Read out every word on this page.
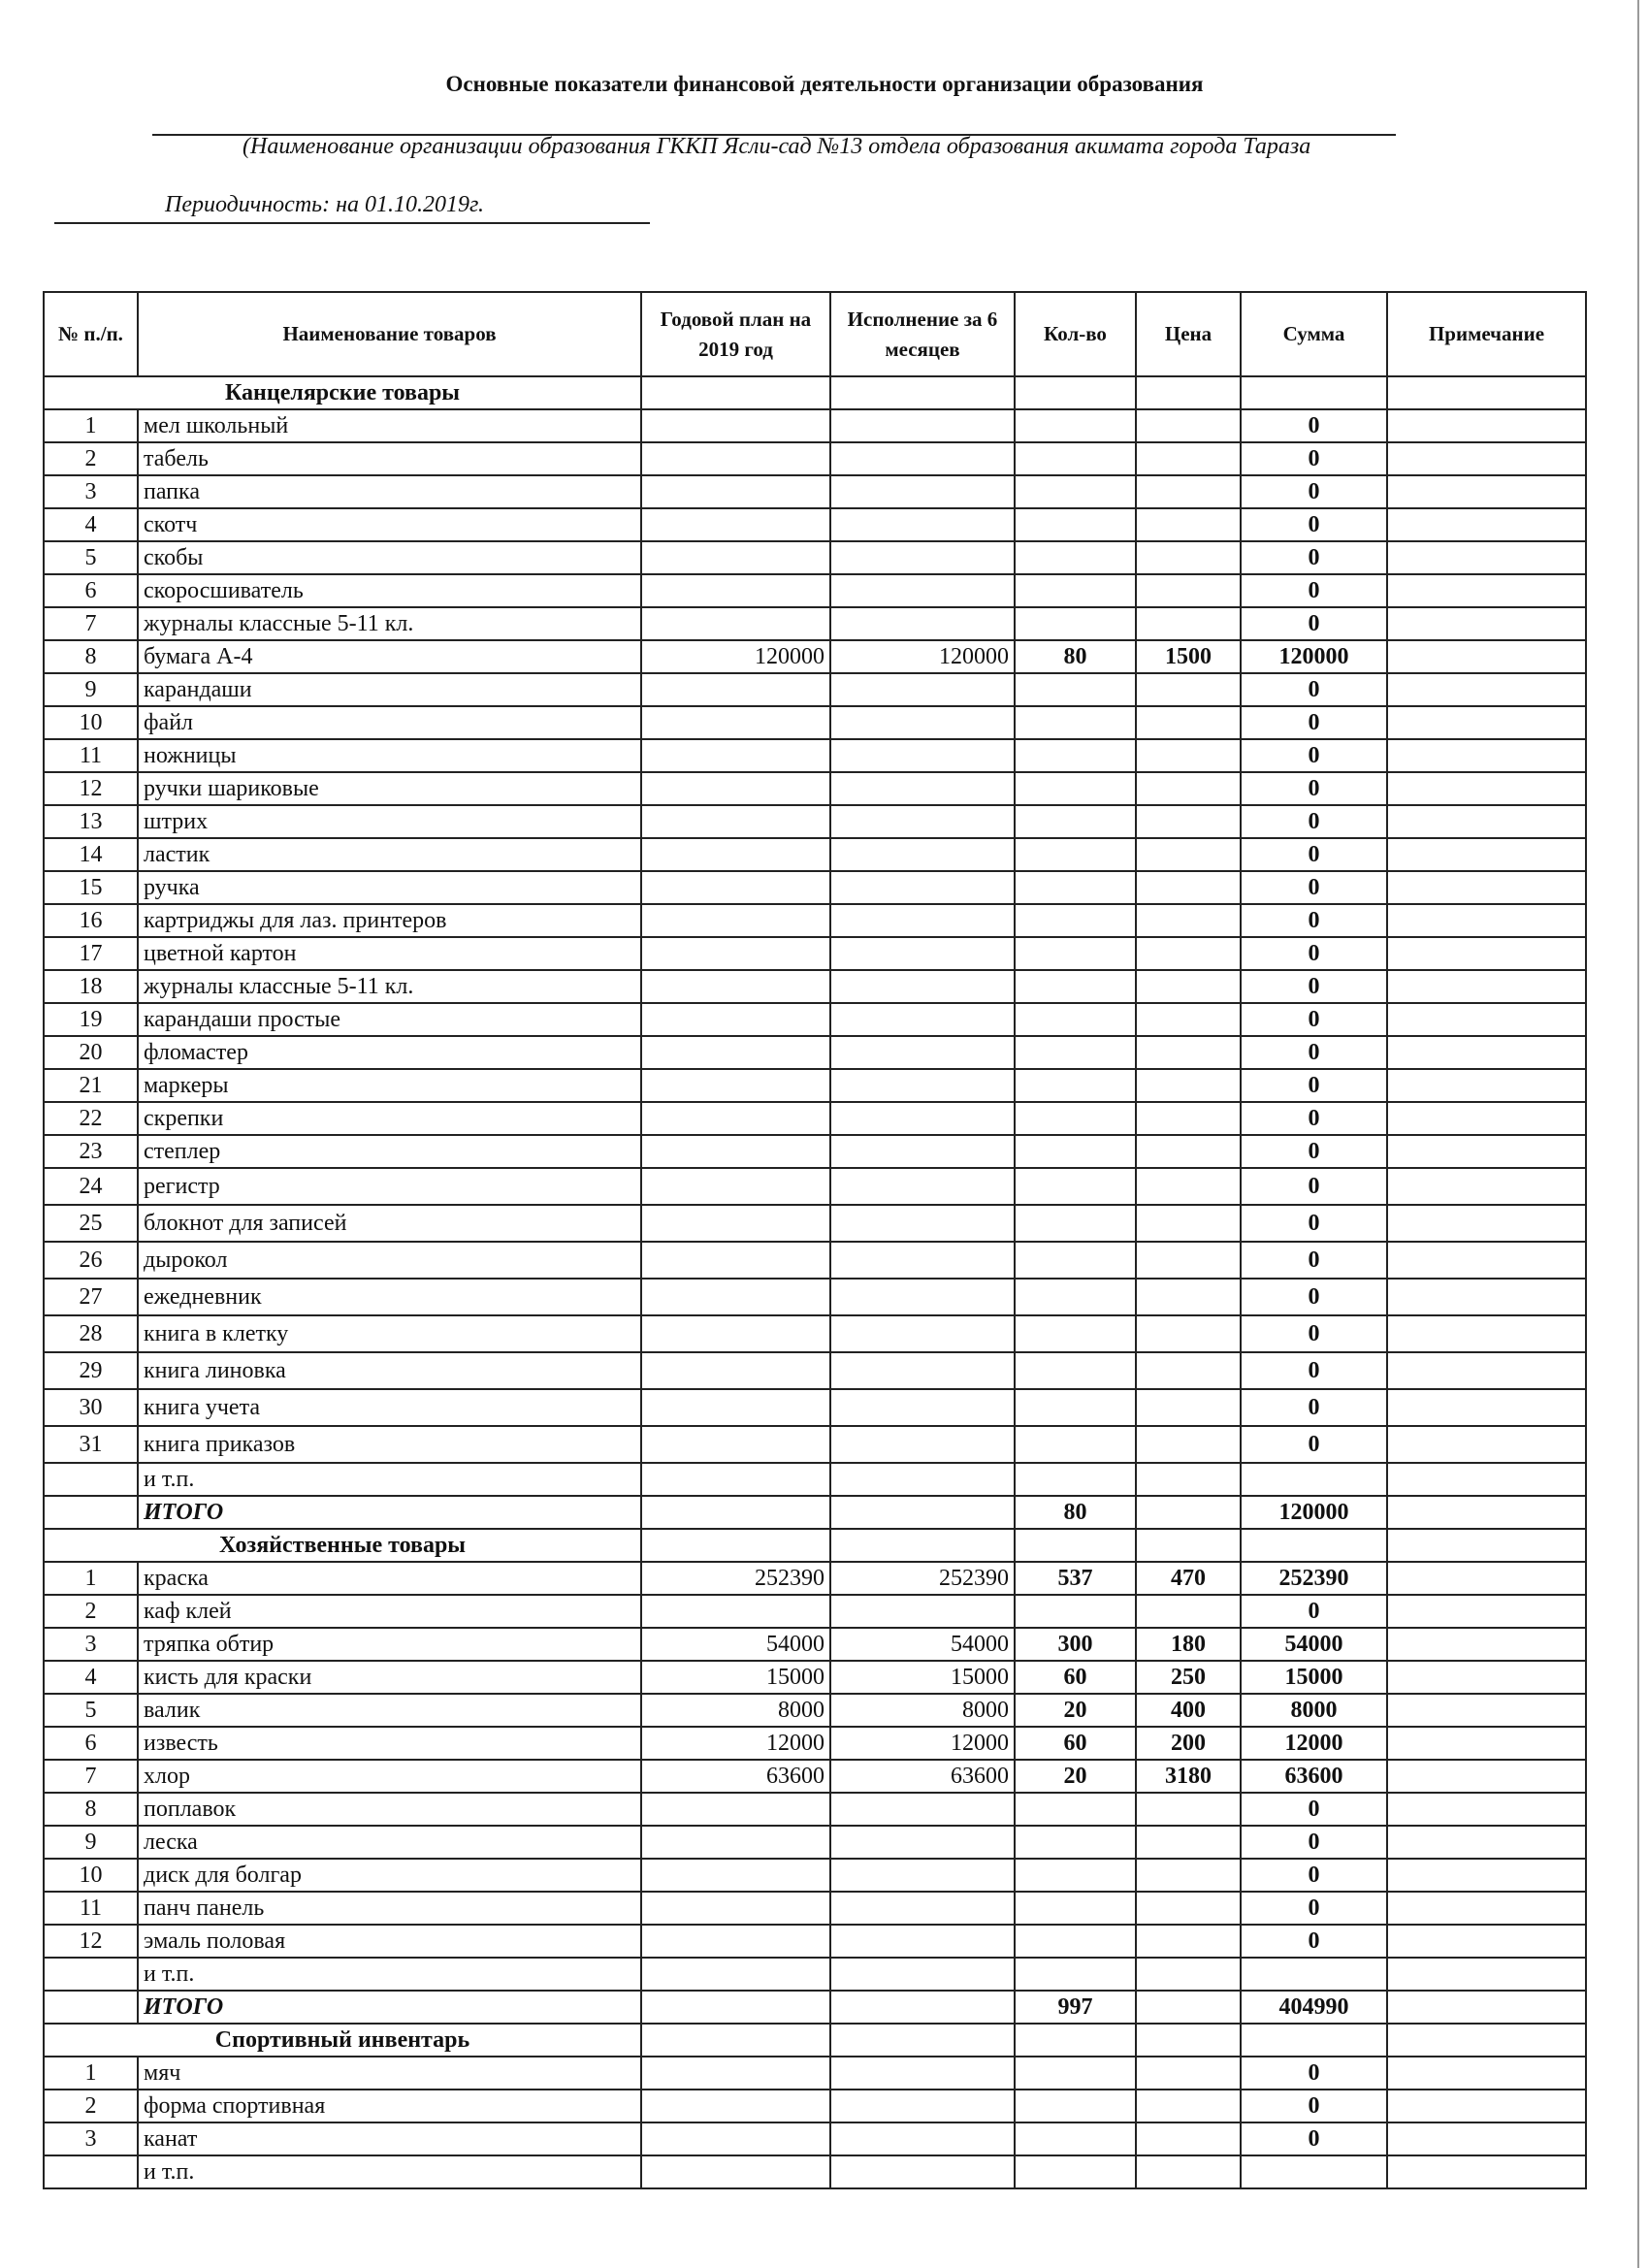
Основные показатели финансовой деятельности организации образования
(Наименование организации образования ГККП Ясли-сад №13 отдела образования акимата города Тараза
Периодичность: на 01.10.2019г.
№ п./п.	Наименование товаров	Годовой план на 2019 год	Исполнение за 6 месяцев	Кол-во	Цена	Сумма	Примечание
Канцелярские товары							
1	мел школьный					0	
2	табель					0	
3	папка					0	
4	скотч					0	
5	скобы					0	
6	скоросшиватель					0	
7	журналы классные 5-11 кл.					0	
8	бумага А-4	120000	120000	80	1500	120000	
9	карандаши					0	
10	файл					0	
11	ножницы					0	
12	ручки шариковые					0	
13	штрих					0	
14	ластик					0	
15	ручка					0	
16	картриджы для лаз. принтеров					0	
17	цветной картон					0	
18	журналы классные 5-11 кл.					0	
19	карандаши простые					0	
20	фломастер					0	
21	маркеры					0	
22	скрепки					0	
23	степлер					0	
24	регистр					0	
25	блокнот для записей					0	
26	дырокол					0	
27	ежедневник					0	
28	книга в клетку					0	
29	книга линовка					0	
30	книга учета					0	
31	книга приказов					0	
	и т.п.						
	ИТОГО			80		120000	
Хозяйственные товары							
1	краска	252390	252390	537	470	252390	
2	каф клей					0	
3	тряпка обтир	54000	54000	300	180	54000	
4	кисть для краски	15000	15000	60	250	15000	
5	валик	8000	8000	20	400	8000	
6	известь	12000	12000	60	200	12000	
7	хлор	63600	63600	20	3180	63600	
8	поплавок					0	
9	леска					0	
10	диск для болгар					0	
11	панч панель					0	
12	эмаль половая					0	
	и т.п.						
	ИТОГО			997		404990	
Спортивный инвентарь							
1	мяч					0	
2	форма спортивная					0	
3	канат					0	
	и т.п.						
